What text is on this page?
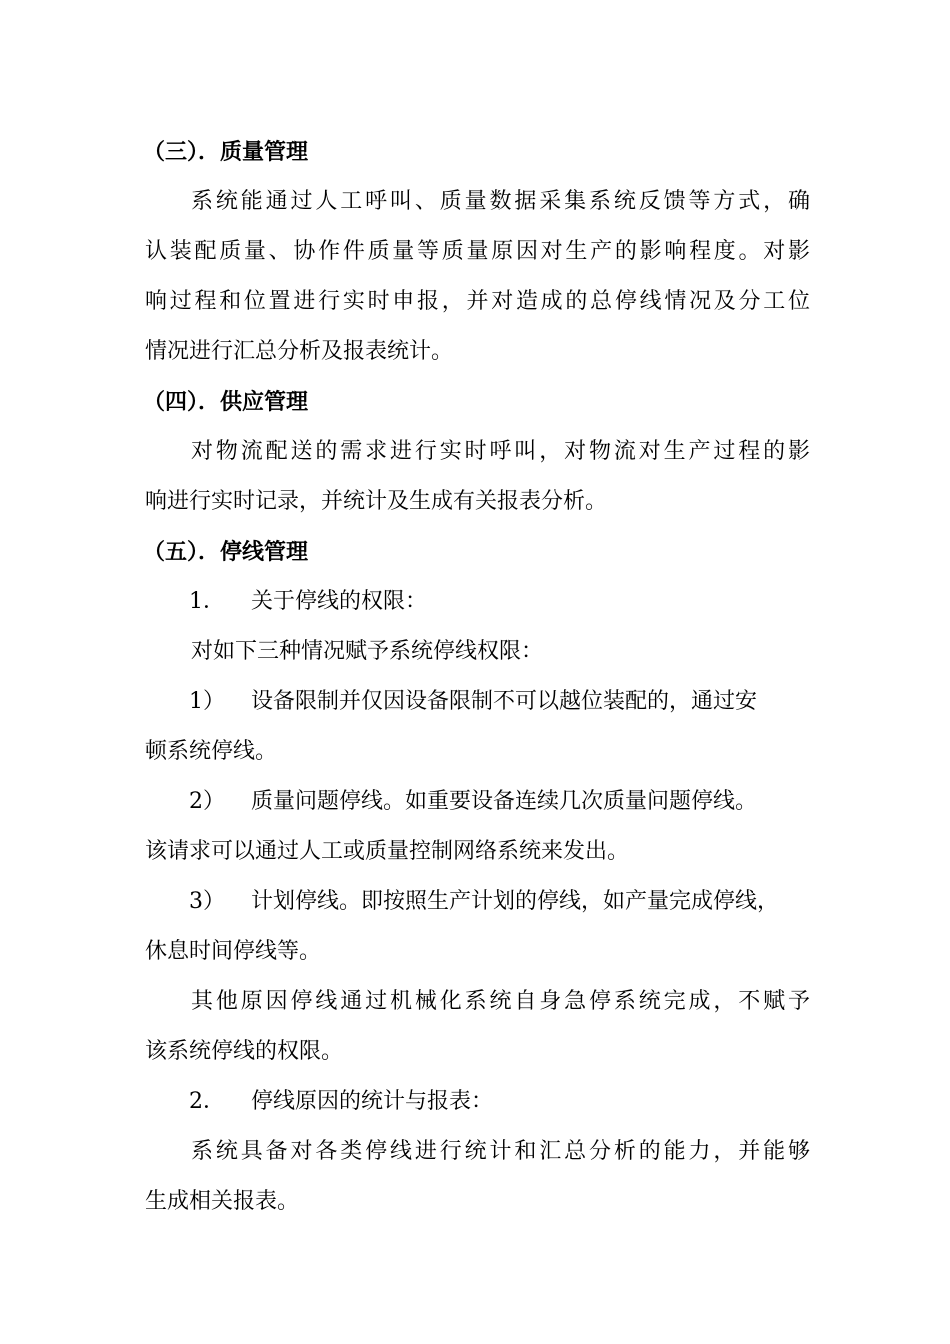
（三）．质量管理
系统能通过人工呼叫、质量数据采集系统反馈等方式，确
认装配质量、协作件质量等质量原因对生产的影响程度。对影
响过程和位置进行实时申报，并对造成的总停线情况及分工位
情况进行汇总分析及报表统计。
（四）．供应管理
对物流配送的需求进行实时呼叫，对物流对生产过程的影
响进行实时记录，并统计及生成有关报表分析。
（五）．停线管理
1． 关于停线的权限：
对如下三种情况赋予系统停线权限：
1） 设备限制并仅因设备限制不可以越位装配的，通过安
顿系统停线。
2） 质量问题停线。如重要设备连续几次质量问题停线。
该请求可以通过人工或质量控制网络系统来发出。
3） 计划停线。即按照生产计划的停线，如产量完成停线，
休息时间停线等。
其他原因停线通过机械化系统自身急停系统完成，不赋予
该系统停线的权限。
2． 停线原因的统计与报表：
系统具备对各类停线进行统计和汇总分析的能力，并能够
生成相关报表。
